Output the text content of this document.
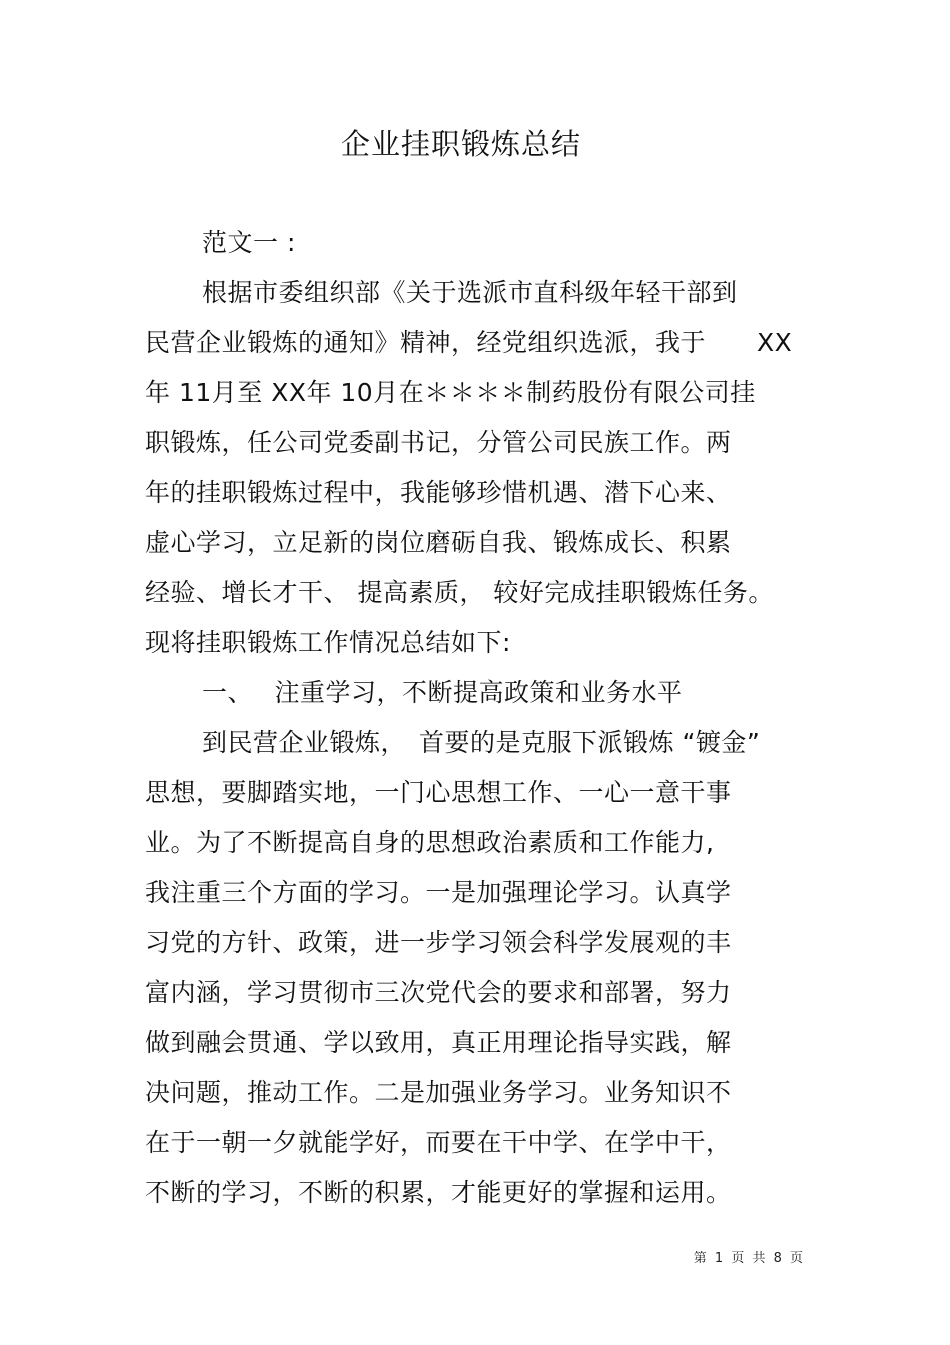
企业挂职锻炼总结
范文一 :
根据市委组织部《关于选派市直科级年轻干部到
民营企业锻炼的通知》精神，经党组织选派，我于　　XX
年 11月至 XX年 10月在＊＊＊＊制药股份有限公司挂
职锻炼，任公司党委副书记，分管公司民族工作。两
年的挂职锻炼过程中，我能够珍惜机遇、潜下心来、
虚心学习，立足新的岗位磨砺自我、锻炼成长、积累
经验、增长才干、 提高素质， 较好完成挂职锻炼任务。
现将挂职锻炼工作情况总结如下:
一、　 注重学习，不断提高政策和业务水平
到民营企业锻炼，　首要的是克服下派锻炼 “镀金”
思想，要脚踏实地，一门心思想工作、一心一意干事
业。为了不断提高自身的思想政治素质和工作能力,
我注重三个方面的学习。一是加强理论学习。认真学
习党的方针、政策，进一步学习领会科学发展观的丰
富内涵，学习贯彻市三次党代会的要求和部署，努力
做到融会贯通、学以致用，真正用理论指导实践，解
决问题，推动工作。二是加强业务学习。业务知识不
在于一朝一夕就能学好，而要在干中学、在学中干，
不断的学习，不断的积累，才能更好的掌握和运用。
第 1 页 共 8 页
